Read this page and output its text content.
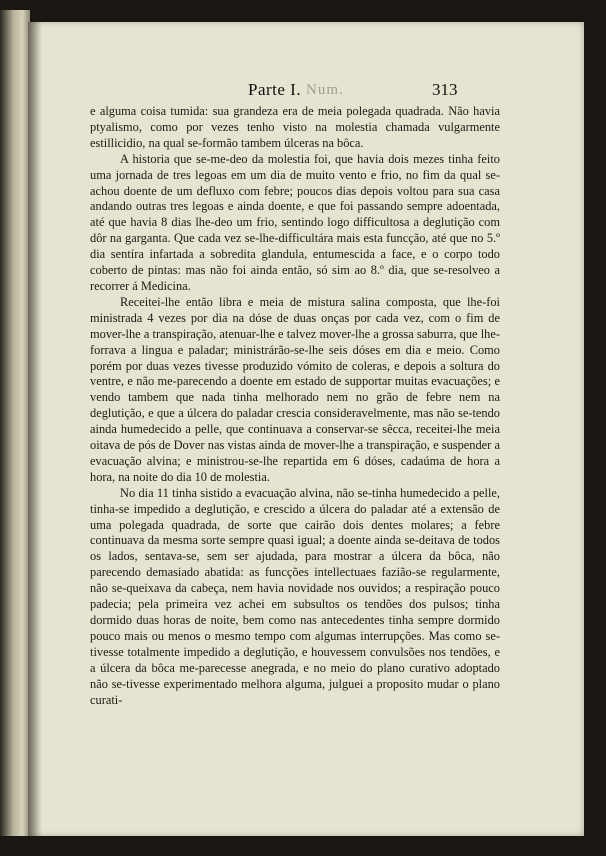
Parte I. Num.	313

e alguma coisa tumida: sua grandeza era de meia polegada quadrada. Não havia ptyalismo, como por vezes tenho visto na molestia chamada vulgarmente estillicidio, na qual se-formão tambem úlceras na bôca.

A historia que se-me-deo da molestia foi, que havia dois mezes tinha feito uma jornada de tres legoas em um dia de muito vento e frio, no fim da qual se-achou doente de um defluxo com febre; poucos dias depois voltou para sua casa andando outras tres legoas e ainda doente, e que foi passando sempre adoentada, até que havia 8 dias lhe-deo um frio, sentindo logo difficultosa a deglutição com dôr na garganta. Que cada vez se-lhe-difficultára mais esta funcção, até que no 5.º dia sentíra infartada a sobredita glandula, entumescida a face, e o corpo todo coberto de pintas: mas não foi ainda então, só sim ao 8.º dia, que se-resolveo a recorrer á Medicina.

Receitei-lhe então libra e meia de mistura salina composta, que lhe-foi ministrada 4 vezes por dia na dóse de duas onças por cada vez, com o fim de mover-lhe a transpiração, atenuar-lhe e talvez mover-lhe a grossa saburra, que lhe-forrava a lingua e paladar; ministrárão-se-lhe seis dóses em dia e meio. Como porém por duas vezes tivesse produzido vómito de coleras, e depois a soltura do ventre, e não me-parecendo a doente em estado de supportar muitas evacuações; e vendo tambem que nada tinha melhorado nem no grão de febre nem na deglutição, e que a úlcera do paladar crescia consideravelmente, mas não se-tendo ainda humedecido a pelle, que continuava a conservar-se sêcca, receitei-lhe meia oitava de pós de Dover nas vistas ainda de mover-lhe a transpiração, e suspender a evacuação alvina; e ministrou-se-lhe repartida em 6 dóses, cadaúma de hora a hora, na noite do dia 10 de molestia.

No dia 11 tinha sistido a evacuação alvina, não se-tinha humedecido a pelle, tinha-se impedido a deglutição, e crescido a úlcera do paladar até a extensão de uma polegada quadrada, de sorte que cairão dois dentes molares; a febre continuava da mesma sorte sempre quasi igual; a doente ainda se-deitava de todos os lados, sentava-se, sem ser ajudada, para mostrar a úlcera da bôca, não parecendo demasiado abatida: as funcções intellectuaes fazião-se regularmente, não se-queixava da cabeça, nem havia novidade nos ouvidos; a respiração pouco padecia; pela primeira vez achei em subsultos os tendões dos pulsos; tinha dormido duas horas de noite, bem como nas antecedentes tinha sempre dormido pouco mais ou menos o mesmo tempo com algumas interrupções. Mas como se-tivesse totalmente impedido a deglutição, e houvessem convulsões nos tendões, e a úlcera da bôca me-parecesse anegrada, e no meio do plano curativo adoptado não se-tivesse experimentado melhora alguma, julguei a proposito mudar o plano curati-
